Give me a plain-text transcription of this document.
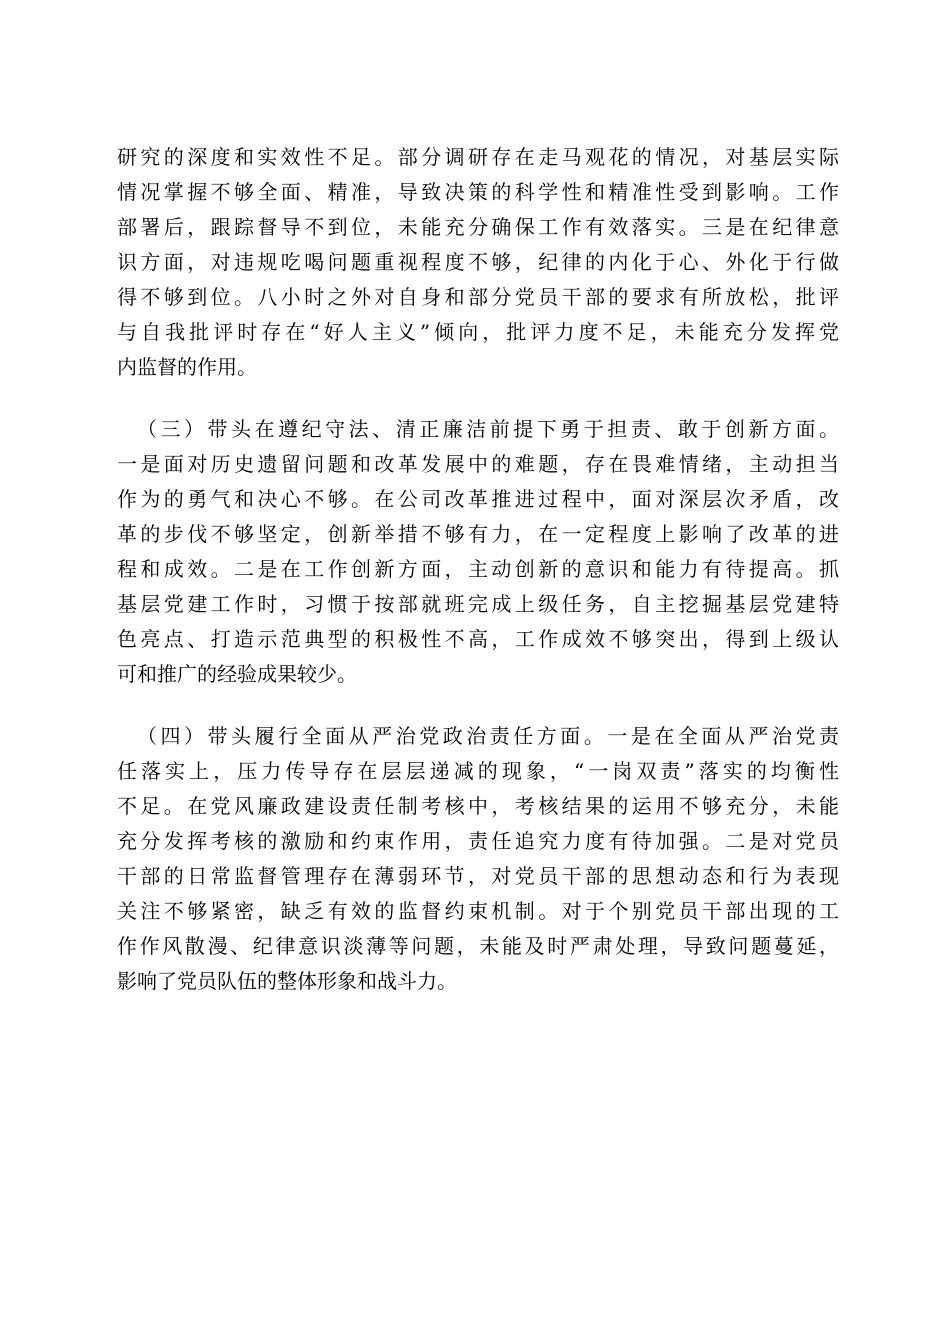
研究的深度和实效性不足。部分调研存在走马观花的情况，对基层实际
情况掌握不够全面、精准，导致决策的科学性和精准性受到影响。工作
部署后，跟踪督导不到位，未能充分确保工作有效落实。三是在纪律意
识方面，对违规吃喝问题重视程度不够，纪律的内化于心、外化于行做
得不够到位。八小时之外对自身和部分党员干部的要求有所放松，批评
与自我批评时存在“好人主义”倾向，批评力度不足，未能充分发挥党
内监督的作用。
（三）带头在遵纪守法、清正廉洁前提下勇于担责、敢于创新方面。
一是面对历史遗留问题和改革发展中的难题，存在畏难情绪，主动担当
作为的勇气和决心不够。在公司改革推进过程中，面对深层次矛盾，改
革的步伐不够坚定，创新举措不够有力，在一定程度上影响了改革的进
程和成效。二是在工作创新方面，主动创新的意识和能力有待提高。抓
基层党建工作时，习惯于按部就班完成上级任务，自主挖掘基层党建特
色亮点、打造示范典型的积极性不高，工作成效不够突出，得到上级认
可和推广的经验成果较少。
（四）带头履行全面从严治党政治责任方面。一是在全面从严治党责
任落实上，压力传导存在层层递减的现象，“一岗双责”落实的均衡性
不足。在党风廉政建设责任制考核中，考核结果的运用不够充分，未能
充分发挥考核的激励和约束作用，责任追究力度有待加强。二是对党员
干部的日常监督管理存在薄弱环节，对党员干部的思想动态和行为表现
关注不够紧密，缺乏有效的监督约束机制。对于个别党员干部出现的工
作作风散漫、纪律意识淡薄等问题，未能及时严肃处理，导致问题蔓延，
影响了党员队伍的整体形象和战斗力。
